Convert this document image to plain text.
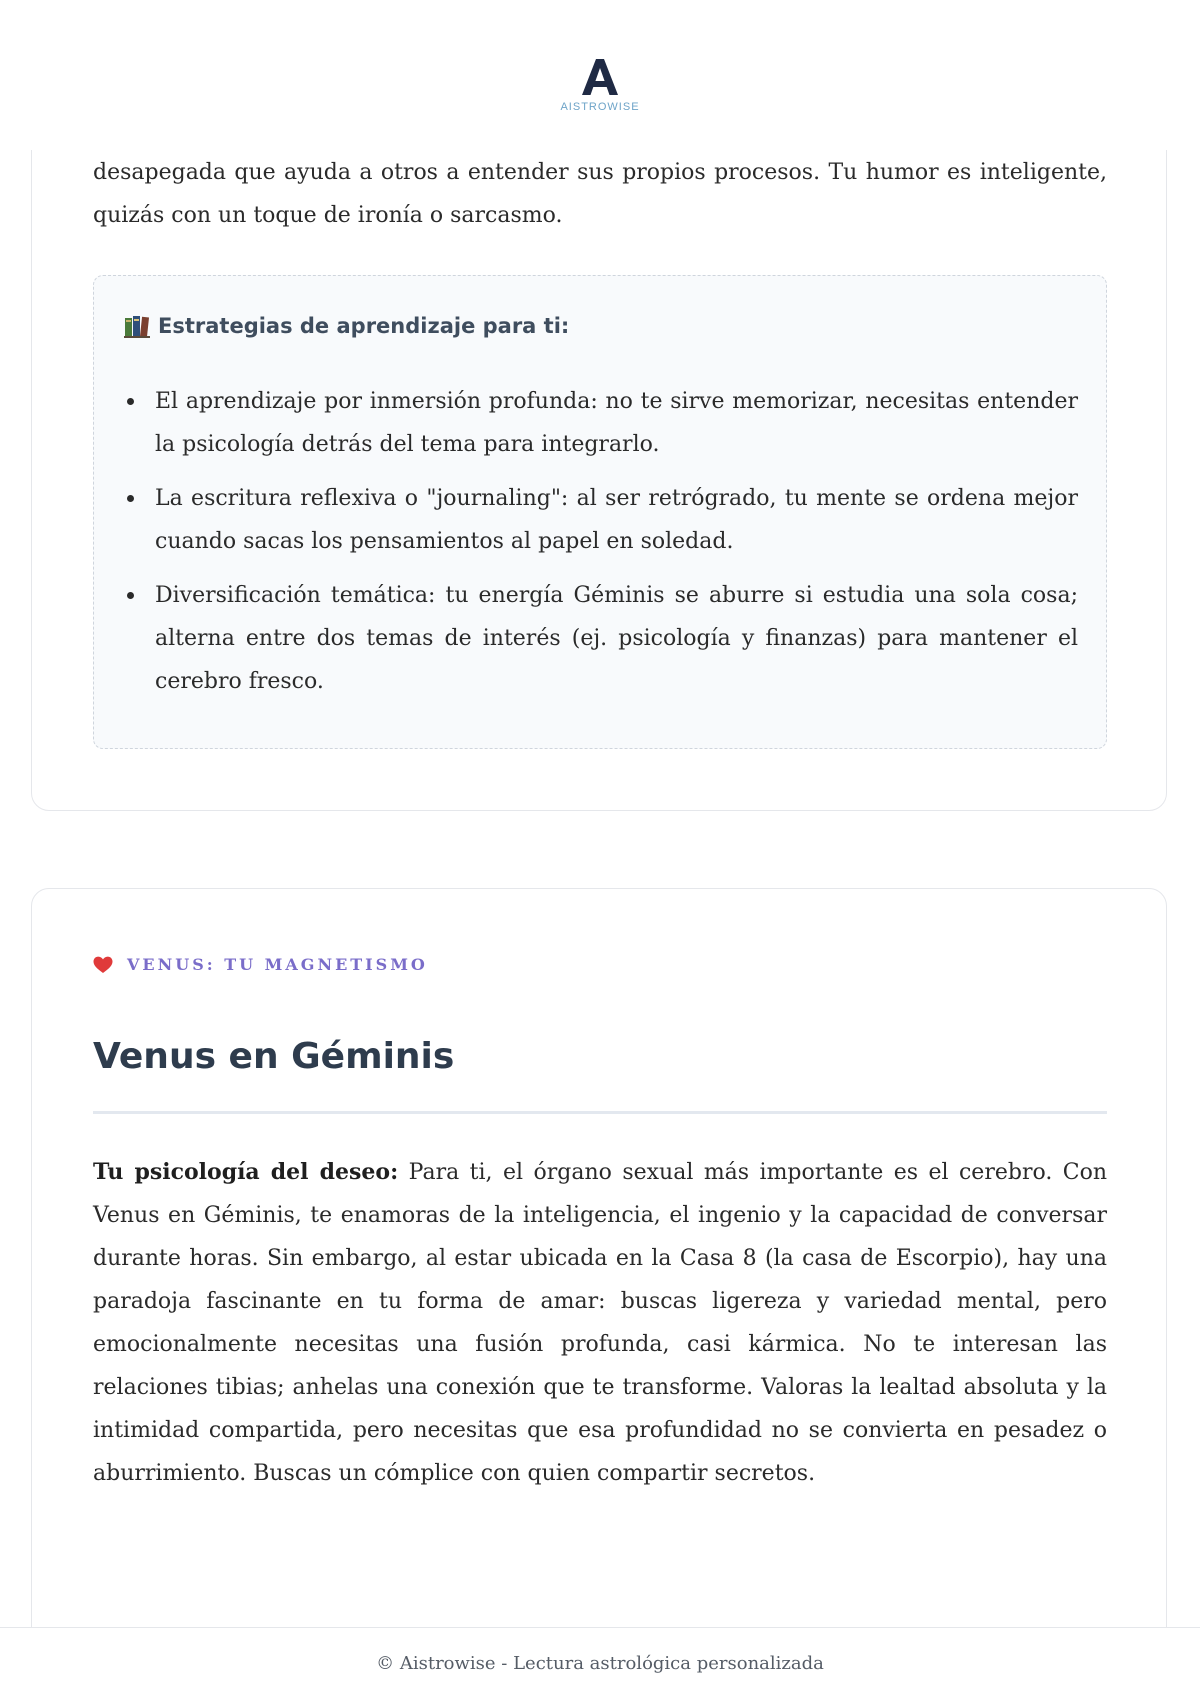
AISTROWISE

desapegada que ayuda a otros a entender sus propios procesos. Tu humor es inteligente, quizás con un toque de ironía o sarcasmo.

Estrategias de aprendizaje para ti:
El aprendizaje por inmersión profunda: no te sirve memorizar, necesitas entender la psicología detrás del tema para integrarlo.
La escritura reflexiva o "journaling": al ser retrógrado, tu mente se ordena mejor cuando sacas los pensamientos al papel en soledad.
Diversificación temática: tu energía Géminis se aburre si estudia una sola cosa; alterna entre dos temas de interés (ej. psicología y finanzas) para mantener el cerebro fresco.
VENUS: TU MAGNETISMO
Venus en Géminis

Tu psicología del deseo: Para ti, el órgano sexual más importante es el cerebro. Con Venus en Géminis, te enamoras de la inteligencia, el ingenio y la capacidad de conversar durante horas. Sin embargo, al estar ubicada en la Casa 8 (la casa de Escorpio), hay una paradoja fascinante en tu forma de amar: buscas ligereza y variedad mental, pero emocionalmente necesitas una fusión profunda, casi kármica. No te interesan las relaciones tibias; anhelas una conexión que te transforme. Valoras la lealtad absoluta y la intimidad compartida, pero necesitas que esa profundidad no se convierta en pesadez o aburrimiento. Buscas un cómplice con quien compartir secretos.

© Aistrowise - Lectura astrológica personalizada
